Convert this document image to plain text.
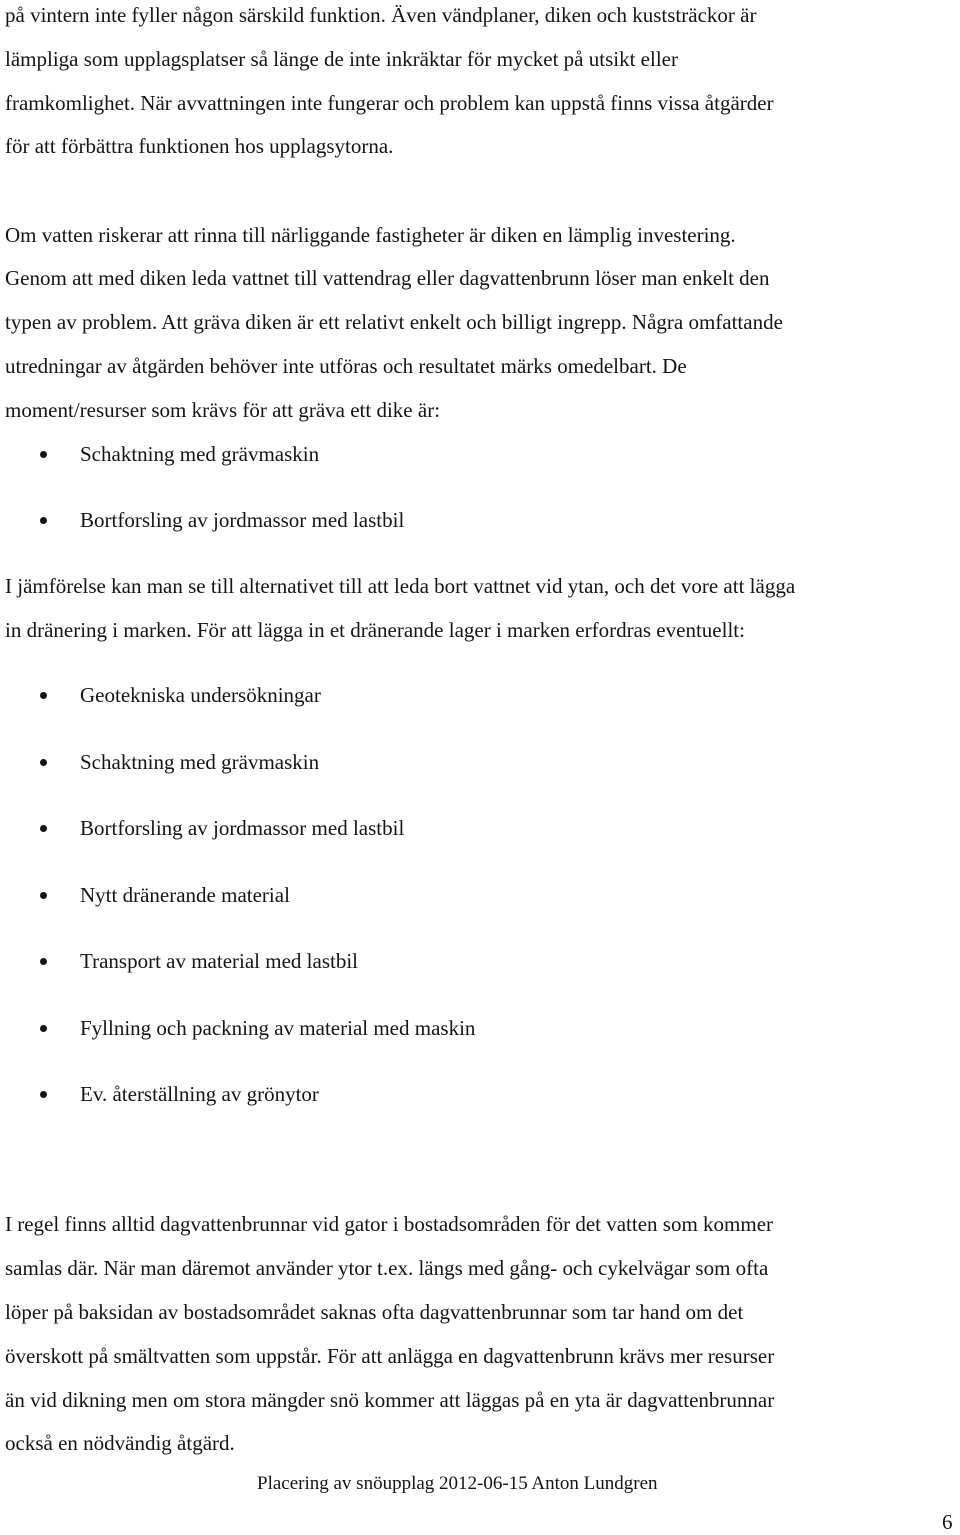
på vintern inte fyller någon särskild funktion. Även vändplaner, diken och kuststräckor är

lämpliga som upplagsplatser så länge de inte inkräktar för mycket på utsikt eller

framkomlighet. När avvattningen inte fungerar och problem kan uppstå finns vissa åtgärder

för att förbättra funktionen hos upplagsytorna.

Om vatten riskerar att rinna till närliggande fastigheter är diken en lämplig investering.

Genom att med diken leda vattnet till vattendrag eller dagvattenbrunn löser man enkelt den

typen av problem. Att gräva diken är ett relativt enkelt och billigt ingrepp. Några omfattande

utredningar av åtgärden behöver inte utföras och resultatet märks omedelbart. De

moment/resurser som krävs för att gräva ett dike är:

Schaktning med grävmaskin
Bortforsling av jordmassor med lastbil

I jämförelse kan man se till alternativet till att leda bort vattnet vid ytan, och det vore att lägga

in dränering i marken. För att lägga in et dränerande lager i marken erfordras eventuellt:

Geotekniska undersökningar
Schaktning med grävmaskin
Bortforsling av jordmassor med lastbil
Nytt dränerande material
Transport av material med lastbil
Fyllning och packning av material med maskin
Ev. återställning av grönytor

I regel finns alltid dagvattenbrunnar vid gator i bostadsområden för det vatten som kommer

samlas där. När man däremot använder ytor t.ex. längs med gång- och cykelvägar som ofta

löper på baksidan av bostadsområdet saknas ofta dagvattenbrunnar som tar hand om det

överskott på smältvatten som uppstår. För att anlägga en dagvattenbrunn krävs mer resurser

än vid dikning men om stora mängder snö kommer att läggas på en yta är dagvattenbrunnar

också en nödvändig åtgärd.

Placering av snöupplag 2012-06-15 Anton Lundgren
6
